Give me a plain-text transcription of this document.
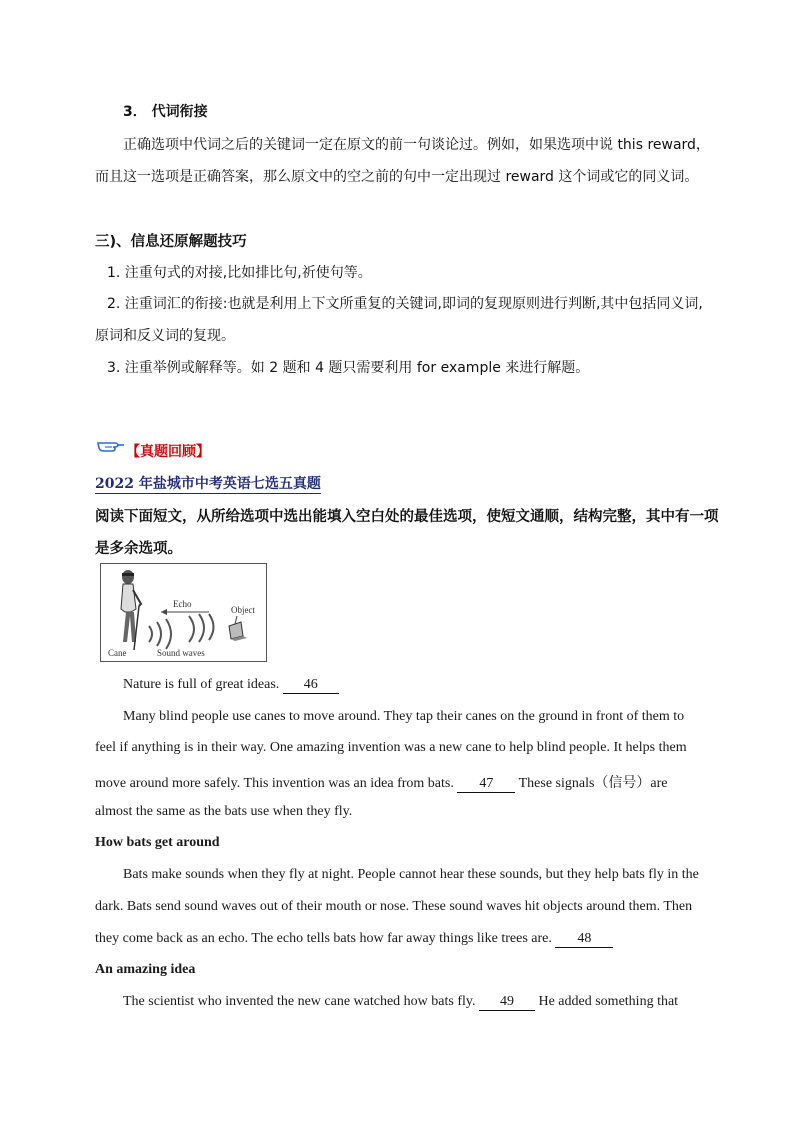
3． 代词衔接
正确选项中代词之后的关键词一定在原文的前一句谈论过。例如，如果选项中说 this reward，
而且这一选项是正确答案，那么原文中的空之前的句中一定出现过 reward 这个词或它的同义词。
三)、信息还原解题技巧
1. 注重句式的对接,比如排比句,祈使句等。
2. 注重词汇的衔接:也就是利用上下文所重复的关键词,即词的复现原则进行判断,其中包括同义词,
原词和反义词的复现。
3. 注重举例或解释等。如 2 题和 4 题只需要利用 for example 来进行解题。
【真题回顾】
2022 年盐城市中考英语七选五真题
阅读下面短文，从所给选项中选出能填入空白处的最佳选项，使短文通顺，结构完整，其中有一项
是多余选项。
Echo
Object
Cane	Sound waves
Nature is full of great ideas. 46
Many blind people use canes to move around. They tap their canes on the ground in front of them to
feel if anything is in their way. One amazing invention was a new cane to help blind people. It helps them
move around more safely. This invention was an idea from bats. 47 These signals（信号）are
almost the same as the bats use when they fly.
How bats get around
Bats make sounds when they fly at night. People cannot hear these sounds, but they help bats fly in the
dark. Bats send sound waves out of their mouth or nose. These sound waves hit objects around them. Then
they come back as an echo. The echo tells bats how far away things like trees are. 48
An amazing idea
The scientist who invented the new cane watched how bats fly. 49 He added something that
